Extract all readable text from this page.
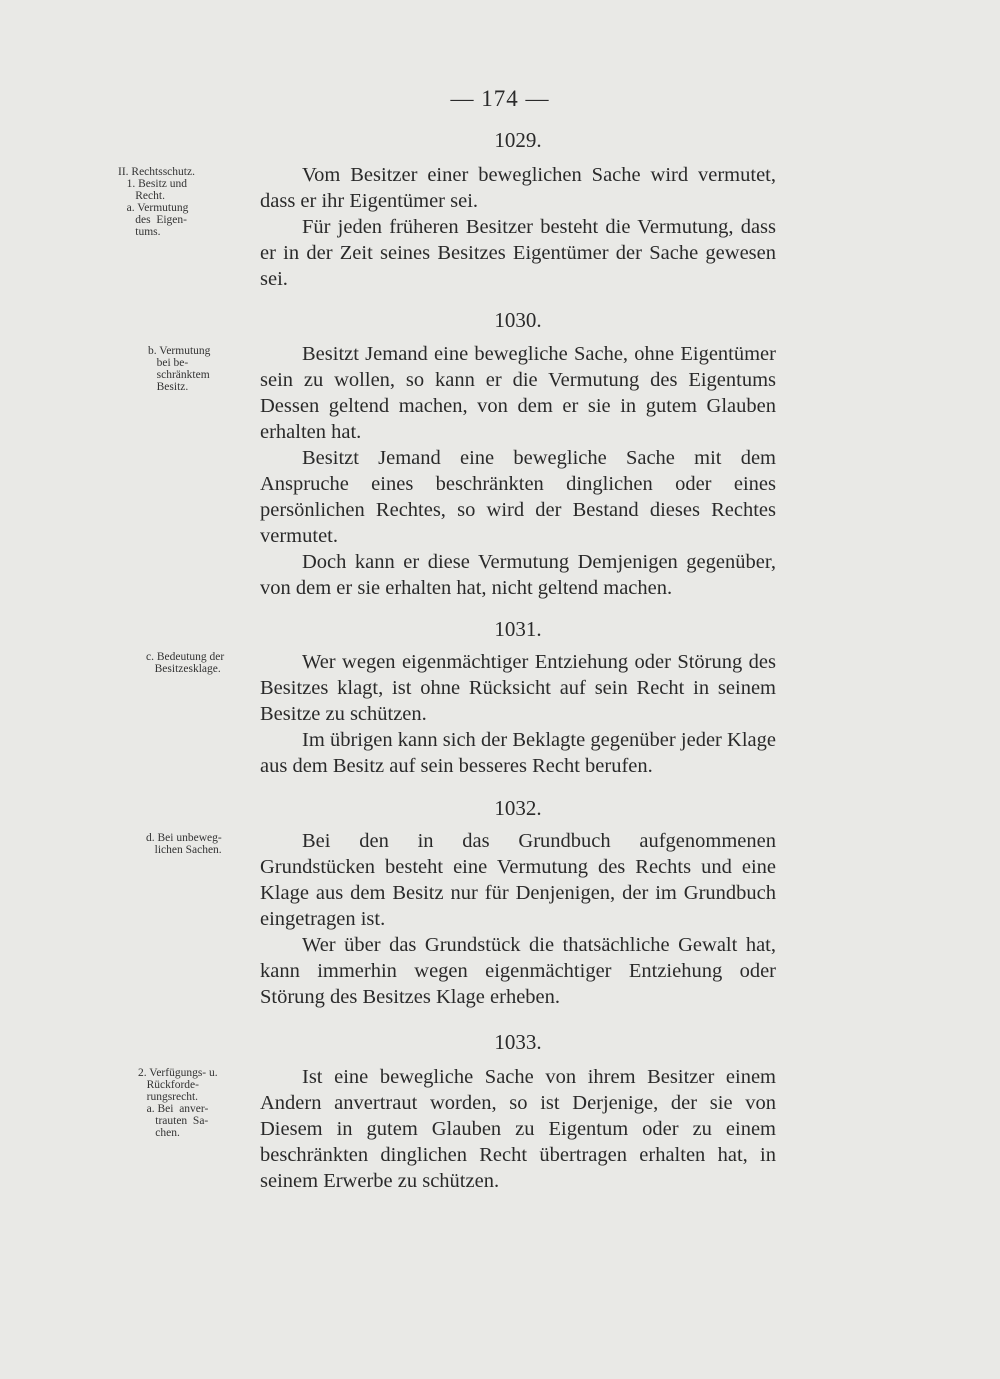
— 174 —
II. Rechtsschutz.
1. Besitz und
Recht.
a. Vermutung
des  Eigen-
tums.
b. Vermutung
bei be-
schränktem
Besitz.
c. Bedeutung der
Besitzesklage.
d. Bei unbeweg-
lichen Sachen.
2. Verfügungs- u.
Rückforde-
rungsrecht.
a. Bei  anver-
trauten  Sa-
chen.
1029.

Vom Besitzer einer beweglichen Sache wird vermutet, dass er ihr Eigentümer sei.

Für jeden früheren Besitzer besteht die Vermutung, dass er in der Zeit seines Besitzes Eigentümer der Sache gewesen sei.

1030.

Besitzt Jemand eine bewegliche Sache, ohne Eigentümer sein zu wollen, so kann er die Vermutung des Eigentums Dessen geltend machen, von dem er sie in gutem Glauben erhalten hat.

Besitzt Jemand eine bewegliche Sache mit dem Anspruche eines beschränkten dinglichen oder eines persönlichen Rechtes, so wird der Bestand dieses Rechtes vermutet.

Doch kann er diese Vermutung Demjenigen gegenüber, von dem er sie erhalten hat, nicht geltend machen.

1031.

Wer wegen eigenmächtiger Entziehung oder Störung des Besitzes klagt, ist ohne Rücksicht auf sein Recht in seinem Besitze zu schützen.

Im übrigen kann sich der Beklagte gegenüber jeder Klage aus dem Besitz auf sein besseres Recht berufen.

1032.

Bei den in das Grundbuch aufgenommenen Grundstücken besteht eine Vermutung des Rechts und eine Klage aus dem Besitz nur für Denjenigen, der im Grundbuch eingetragen ist.

Wer über das Grundstück die thatsächliche Gewalt hat, kann immerhin wegen eigenmächtiger Entziehung oder Störung des Besitzes Klage erheben.

1033.

Ist eine bewegliche Sache von ihrem Besitzer einem Andern anvertraut worden, so ist Derjenige, der sie von Diesem in gutem Glauben zu Eigentum oder zu einem beschränkten dinglichen Recht übertragen erhalten hat, in seinem Erwerbe zu schützen.
